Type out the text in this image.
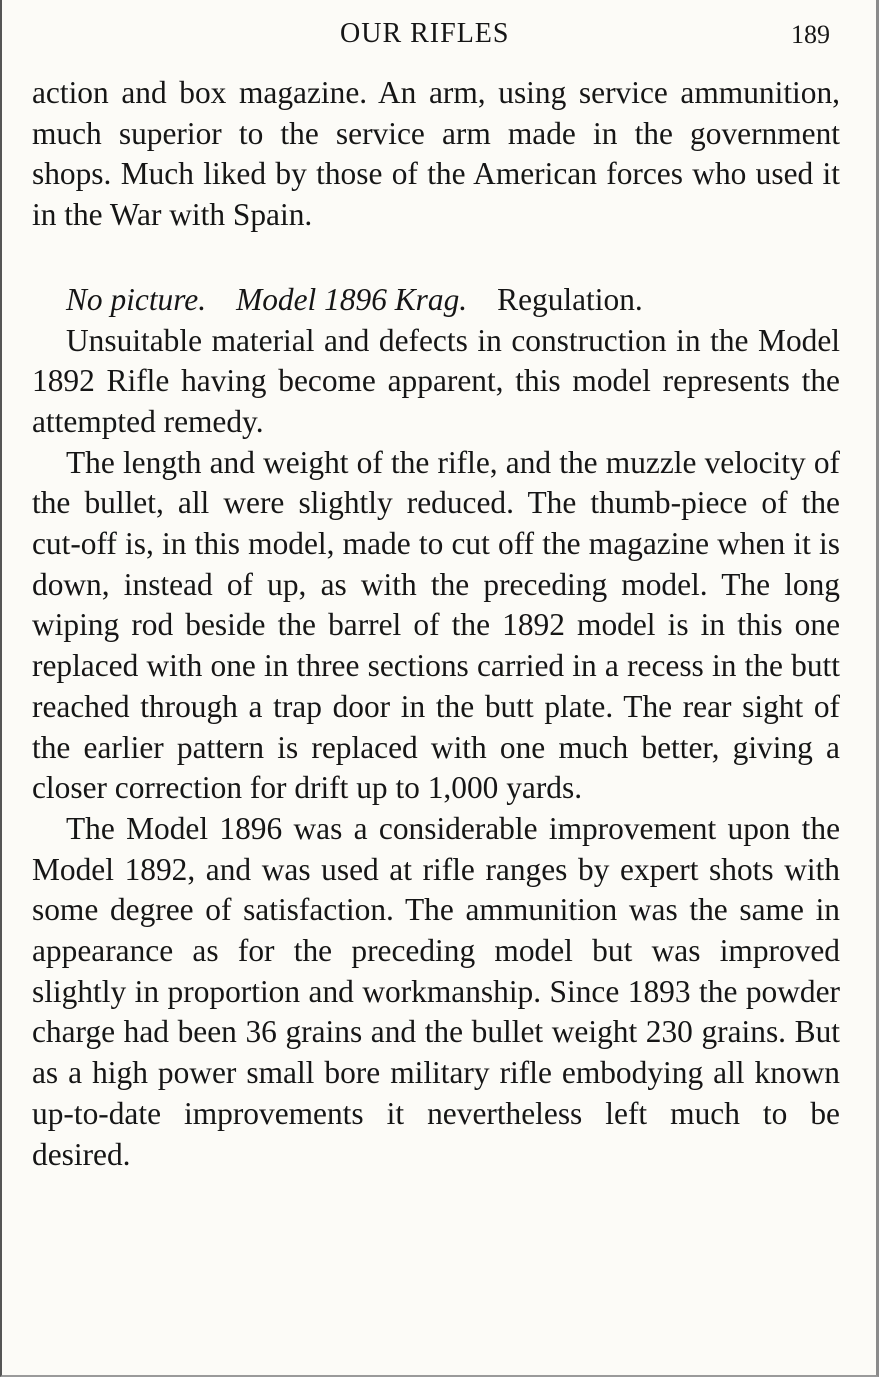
OUR RIFLES	189

action and box magazine. An arm, using service ammunition, much superior to the service arm made in the government shops. Much liked by those of the American forces who used it in the War with Spain.

No picture. Model 1896 Krag. Regulation.

Unsuitable material and defects in construction in the Model 1892 Rifle having become apparent, this model represents the attempted remedy.

The length and weight of the rifle, and the muzzle velocity of the bullet, all were slightly reduced. The thumb-piece of the cut-off is, in this model, made to cut off the magazine when it is down, instead of up, as with the preceding model. The long wiping rod beside the barrel of the 1892 model is in this one replaced with one in three sections carried in a recess in the butt reached through a trap door in the butt plate. The rear sight of the earlier pattern is replaced with one much better, giving a closer correction for drift up to 1,000 yards.

The Model 1896 was a considerable improvement upon the Model 1892, and was used at rifle ranges by expert shots with some degree of satisfaction. The ammunition was the same in appearance as for the preceding model but was improved slightly in proportion and workmanship. Since 1893 the powder charge had been 36 grains and the bullet weight 230 grains. But as a high power small bore military rifle embodying all known up-to-date improvements it nevertheless left much to be desired.
